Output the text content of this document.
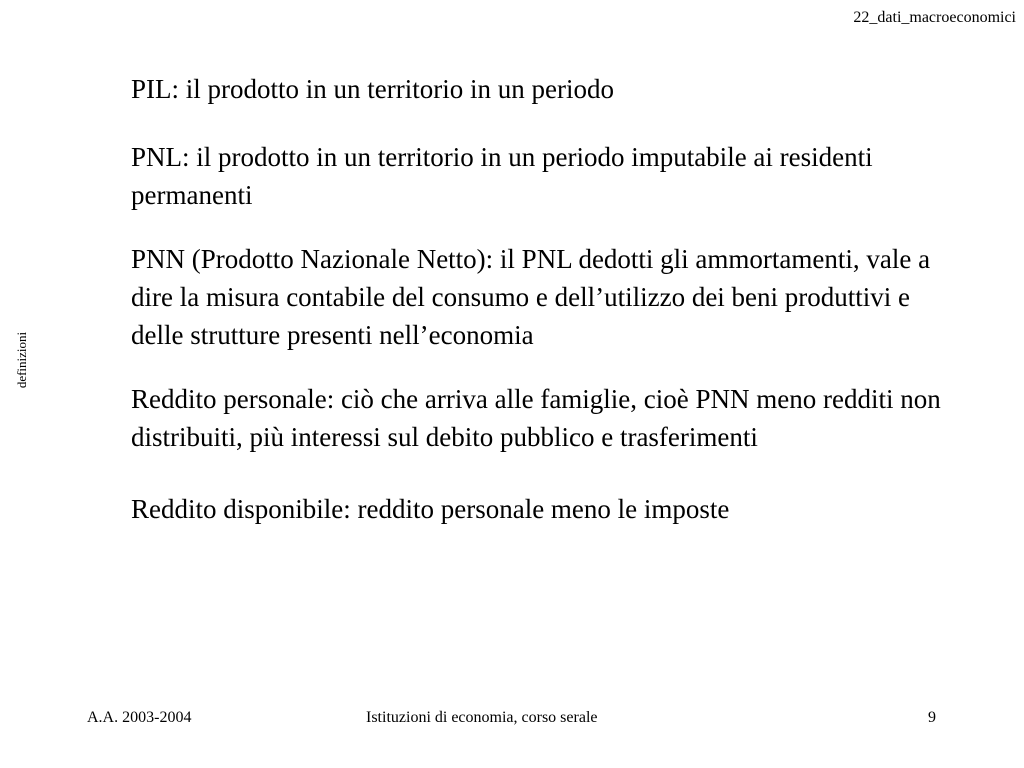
22_dati_macroeconomici
definizioni

PIL: il prodotto in un territorio in un periodo

PNL: il prodotto in un territorio in un periodo imputabile ai residenti permanenti

PNN (Prodotto Nazionale Netto): il PNL dedotti gli ammortamenti, vale a dire la misura contabile del consumo e dell’utilizzo dei beni produttivi e delle strutture presenti nell’economia

Reddito personale: ciò che arriva alle famiglie, cioè PNN meno redditi non distribuiti, più interessi sul debito pubblico e trasferimenti

Reddito disponibile: reddito personale meno le imposte

A.A. 2003-2004	Istituzioni di economia, corso serale	9
